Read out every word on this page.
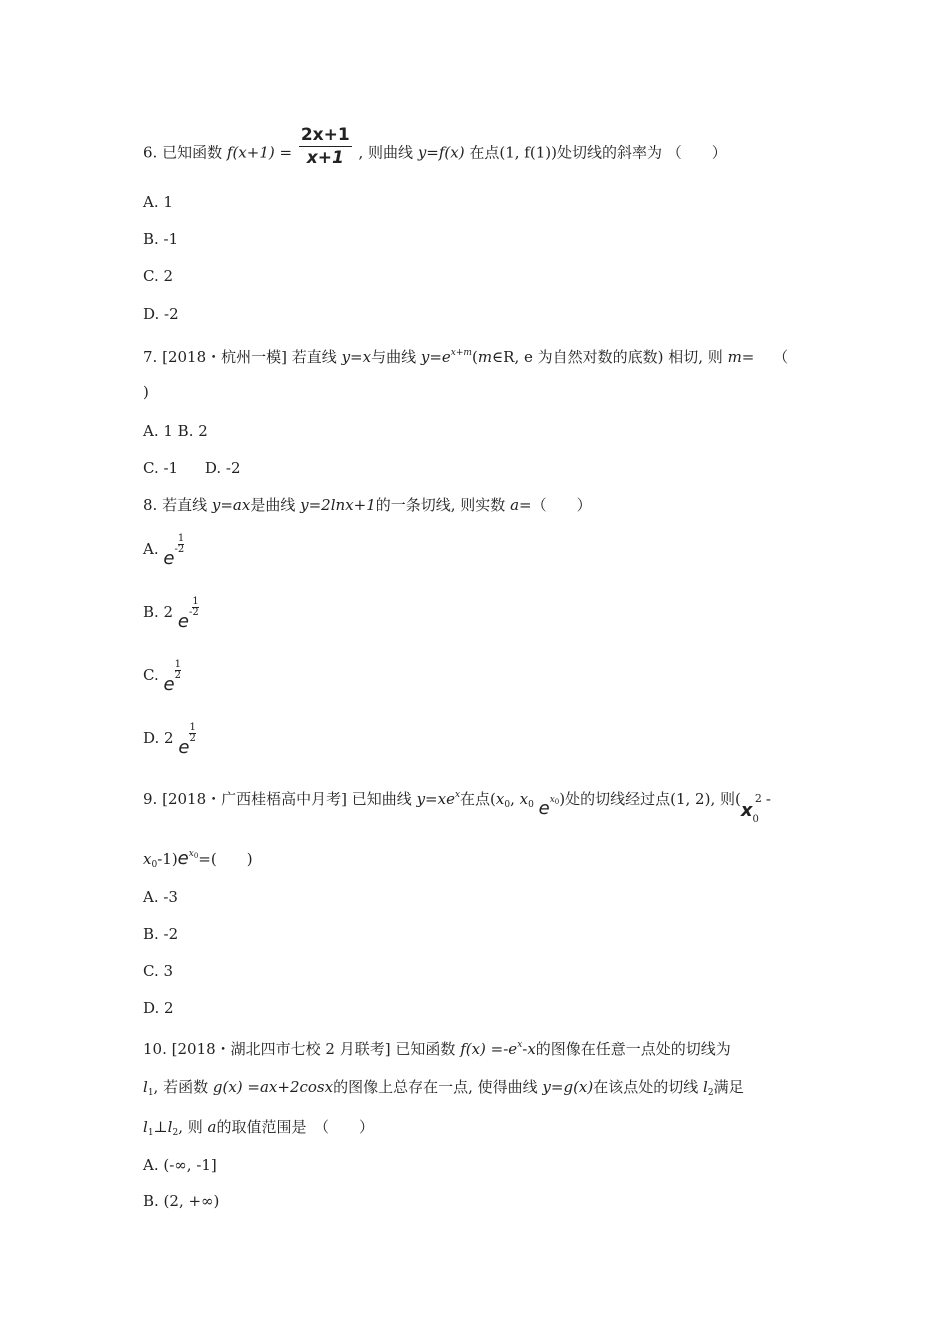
6. 已知函数 $f(x+1) = \frac{2x+1}{x+1}$ , 则曲线 y=f(x) 在点(1, f(1))处切线的斜率为 （　　）
A. 1
B. -1
C. 2
D. -2
7. [2018・杭州一模] 若直线 y=x与曲线 $y=e^{x+m}(m\in R$, e 为自然对数的底数) 相切, 则 m= （
)
A. 1 B. 2
C. -1 D. -2
8. 若直线 y=ax是曲线 y=2lnx+1的一条切线, 则实数 a=（　　）
A. $e- \frac{1}{2}$
B. 2 $e- \frac{1}{2}$
C. e
$\frac{1}{2}$
D. 2 e
$\frac{1}{2}$
9. [2018・广西桂梧高中月考] 已知曲线 $y=xe^x$在点($x_0$, $x_0$ $e^{x0}$)处的切线经过点(1, 2), 则($x_0^2$ -
$x_0-1)e^{x0}=$(　　)
A. -3
B. -2
C. 3
D. 2
10. [2018・湖北四市七校 2 月联考] 已知函数 $f(x) =-e^x-x$的图像在任意一点处的切线为
$l_1$, 若函数 g(x) =ax+2cosx的图像上总存在一点, 使得曲线 y=g(x)在该点处的切线 $l_2$满足
$l_1\perp l_2$, 则 a的取值范围是　（　　）
A. (-∞, -1]
B. (2, +∞)
